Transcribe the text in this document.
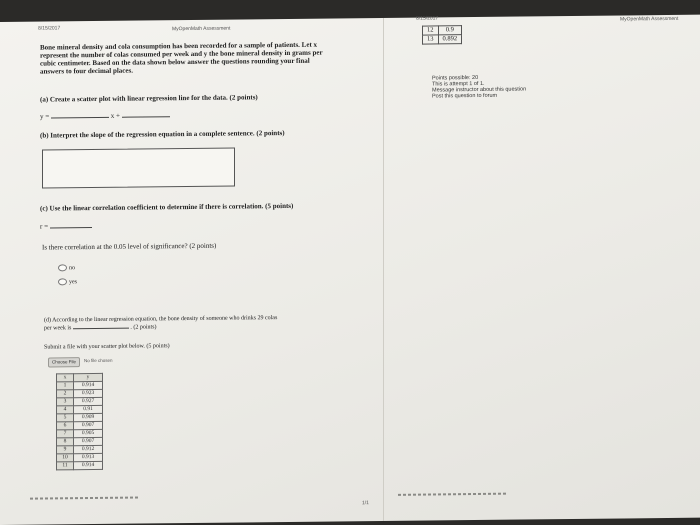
8/15/2017	MyOpenMath Assessment
Bone mineral density and cola consumption has been recorded for a sample of patients. Let x
represent the number of colas consumed per week and y the bone mineral density in grams per
cubic centimeter. Based on the data shown below answer the questions rounding your final
answers to four decimal places.
(a) Create a scatter plot with linear regression line for the data. (2 points)
y =	x +
(b) Interpret the slope of the regression equation in a complete sentence. (2 points)
(c) Use the linear correlation coefficient to determine if there is correlation. (5 points)
r =
Is there correlation at the 0.05 level of significance? (2 points)
no
yes
(d) According to the linear regression equation, the bone density of someone who drinks 29 colas
per week is	. (2 points)
Submit a file with your scatter plot below. (5 points)
Choose File	No file chosen
x	y
1	0.914
2	0.923
3	0.927
4	0.91
5	0.909
6	0.907
7	0.905
8	0.907
9	0.912
10	0.913
11	0.914
1/1
8/15/2017	MyOpenMath Assessment
12	0.9
13	0.892
Points possible: 20
This is attempt 1 of 1.
Message instructor about this question
Post this question to forum
